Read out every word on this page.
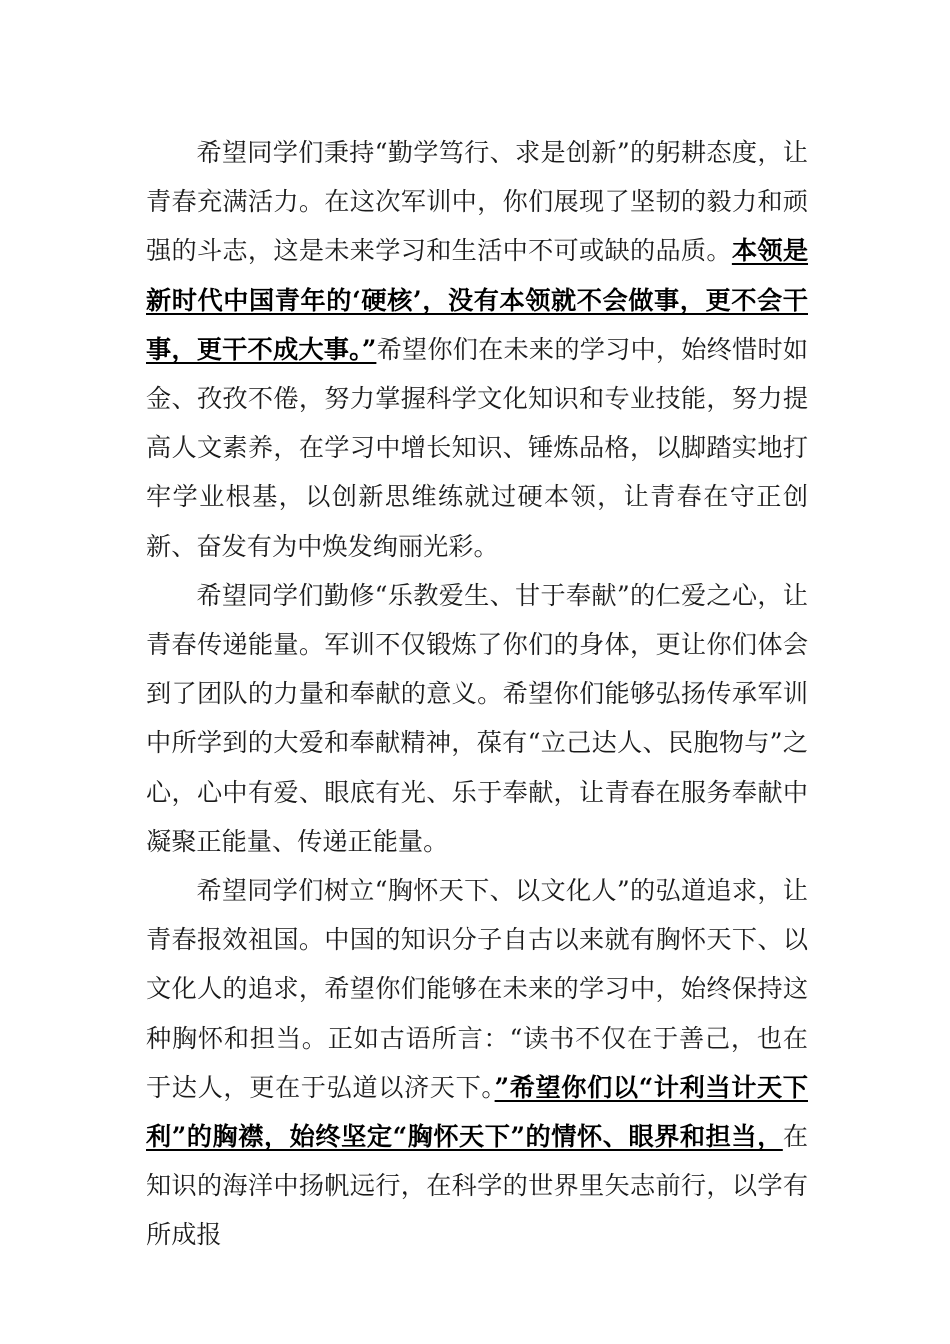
希望同学们秉持“勤学笃行、求是创新”的躬耕态度，让青春充满活力。在这次军训中，你们展现了坚韧的毅力和顽强的斗志，这是未来学习和生活中不可或缺的品质。本领是新时代中国青年的‘硬核’，没有本领就不会做事，更不会干事，更干不成大事。”希望你们在未来的学习中，始终惜时如金、孜孜不倦，努力掌握科学文化知识和专业技能，努力提高人文素养，在学习中增长知识、锤炼品格，以脚踏实地打牢学业根基，以创新思维练就过硬本领，让青春在守正创新、奋发有为中焕发绚丽光彩。

希望同学们勤修“乐教爱生、甘于奉献”的仁爱之心，让青春传递能量。军训不仅锻炼了你们的身体，更让你们体会到了团队的力量和奉献的意义。希望你们能够弘扬传承军训中所学到的大爱和奉献精神，葆有“立己达人、民胞物与”之心，心中有爱、眼底有光、乐于奉献，让青春在服务奉献中凝聚正能量、传递正能量。

希望同学们树立“胸怀天下、以文化人”的弘道追求，让青春报效祖国。中国的知识分子自古以来就有胸怀天下、以文化人的追求，希望你们能够在未来的学习中，始终保持这种胸怀和担当。正如古语所言：“读书不仅在于善己，也在于达人，更在于弘道以济天下。”希望你们以“计利当计天下利”的胸襟，始终坚定“胸怀天下”的情怀、眼界和担当，在知识的海洋中扬帆远行，在科学的世界里矢志前行，以学有所成报
